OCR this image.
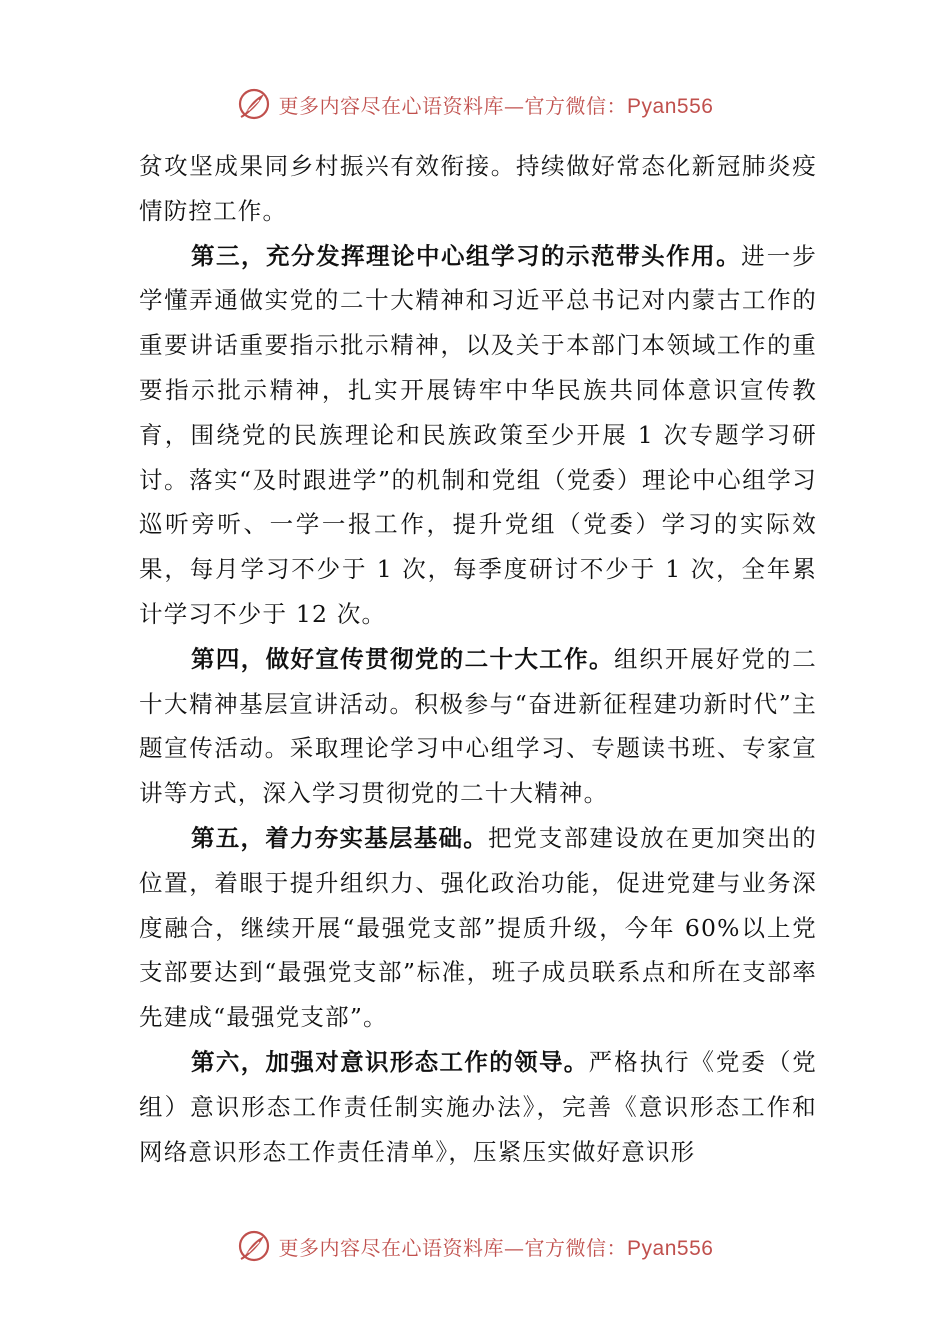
更多内容尽在心语资料库—官方微信：Pyan556

贫攻坚成果同乡村振兴有效衔接。持续做好常态化新冠肺炎疫情防控工作。

第三，充分发挥理论中心组学习的示范带头作用。进一步学懂弄通做实党的二十大精神和习近平总书记对内蒙古工作的重要讲话重要指示批示精神，以及关于本部门本领域工作的重要指示批示精神，扎实开展铸牢中华民族共同体意识宣传教育，围绕党的民族理论和民族政策至少开展 1 次专题学习研讨。落实“及时跟进学”的机制和党组（党委）理论中心组学习巡听旁听、一学一报工作，提升党组（党委）学习的实际效果，每月学习不少于 1 次，每季度研讨不少于 1 次，全年累计学习不少于 12 次。

第四，做好宣传贯彻党的二十大工作。组织开展好党的二十大精神基层宣讲活动。积极参与“奋进新征程建功新时代”主题宣传活动。采取理论学习中心组学习、专题读书班、专家宣讲等方式，深入学习贯彻党的二十大精神。

第五，着力夯实基层基础。把党支部建设放在更加突出的位置，着眼于提升组织力、强化政治功能，促进党建与业务深度融合，继续开展“最强党支部”提质升级，今年 60%以上党支部要达到“最强党支部”标准，班子成员联系点和所在支部率先建成“最强党支部”。

第六，加强对意识形态工作的领导。严格执行《党委（党组）意识形态工作责任制实施办法》，完善《意识形态工作和网络意识形态工作责任清单》，压紧压实做好意识形

更多内容尽在心语资料库—官方微信：Pyan556
